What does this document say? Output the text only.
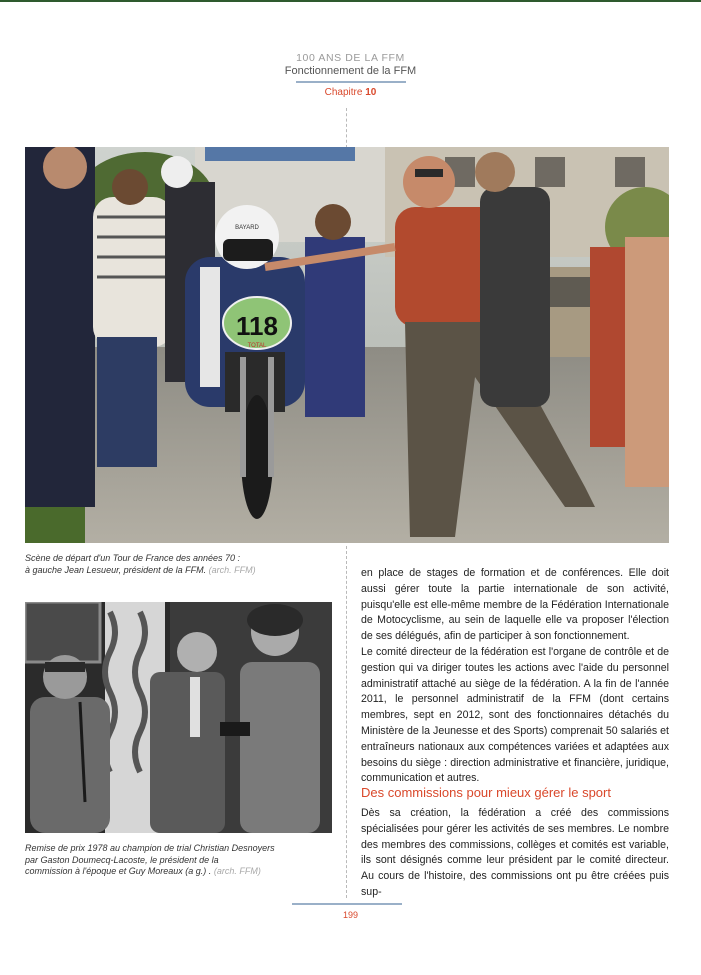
100 ANS DE LA FFM
Fonctionnement de la FFM
Chapitre 10
BAYARD
118
TOTAL
Scène de départ d'un Tour de France des années 70 :
à gauche Jean Lesueur, président de la FFM. (arch. FFM)
Remise de prix 1978 au champion de trial Christian Desnoyers
par Gaston Doumecq-Lacoste, le président de la
commission à l'époque et Guy Moreaux (a g.) . (arch. FFM)

en place de stages de formation et de conférences. Elle doit aussi gérer toute la partie internationale de son activité, puisqu'elle est elle-même membre de la Fédération Internationale de Motocyclisme, au sein de laquelle elle va proposer l'élection de ses délégués, afin de participer à son fonctionnement.

Le comité directeur de la fédération est l'organe de contrôle et de gestion qui va diriger toutes les actions avec l'aide du personnel administratif attaché au siège de la fédération. A la fin de l'année 2011, le personnel administratif de la FFM (dont certains membres, sept en 2012, sont des fonctionnaires détachés du Ministère de la Jeunesse et des Sports) comprenait 50 salariés et entraîneurs nationaux aux compétences variées et adaptées aux besoins du siège : direction administrative et financière, juridique, communication et autres.

Des commissions pour mieux gérer le sport

Dès sa création, la fédération a créé des commissions spécialisées pour gérer les activités de ses membres. Le nombre des membres des commissions, collèges et comités est variable, ils sont désignés comme leur président par le comité directeur. Au cours de l'histoire, des commissions ont pu être créées puis sup-

199
